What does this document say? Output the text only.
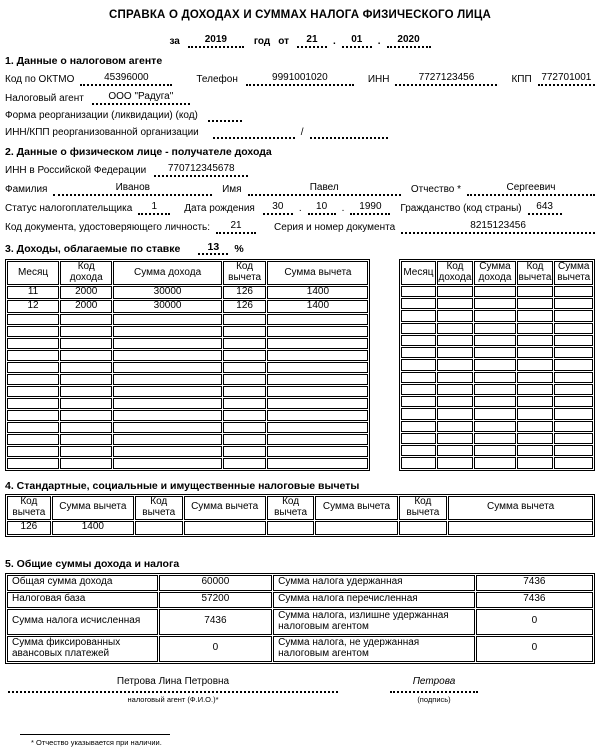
СПРАВКА О ДОХОДАХ И СУММАХ НАЛОГА ФИЗИЧЕСКОГО ЛИЦА
за	2019	год от	21	.	01	.	2020
1. Данные о налоговом агенте
Код по ОКТМО	45396000	Телефон	9991001020	ИНН	7727123456	КПП 772701001
Налоговый агент	ООО "Радуга"
Форма реорганизации (ликвидации) (код)
ИНН/КПП реорганизованной организации	/
2. Данные о физическом лице - получателе дохода
ИНН в Российской Федерации	770712345678
Фамилия	Иванов	Имя	Павел	Отчество *	Сергеевич
Статус налогоплательщика	1	Дата рождения	30	.	10	.	1990	Гражданство (код страны)	643
Код документа, удостоверяющего личность:	21	Серия и номер документа	8215123456
3. Доходы, облагаемые по ставке	13	%
Месяц	Код дохода	Сумма дохода	Код вычета	Сумма вычета
11	2000	30000	126	1400
12	2000	30000	126	1400

Месяц	Код дохода	Сумма дохода	Код вычета	Сумма вычета

4. Стандартные, социальные и имущественные налоговые вычеты
Код вычета	Сумма вычета	Код вычета	Сумма вычета	Код вычета	Сумма вычета	Код вычета	Сумма вычета
126	1400						
5. Общие суммы дохода и налога
Общая сумма дохода	60000	Сумма налога удержанная	7436
Налоговая база	57200	Сумма налога перечисленная	7436
Сумма налога исчисленная	7436	Сумма налога, излишне удержанная налоговым агентом	0
Сумма фиксированных авансовых платежей	0	Сумма налога, не удержанная налоговым агентом	0
Петрова Лина Петровна
налоговый агент (Ф.И.О.)*
Петрова
(подпись)
* Отчество указывается при наличии.
